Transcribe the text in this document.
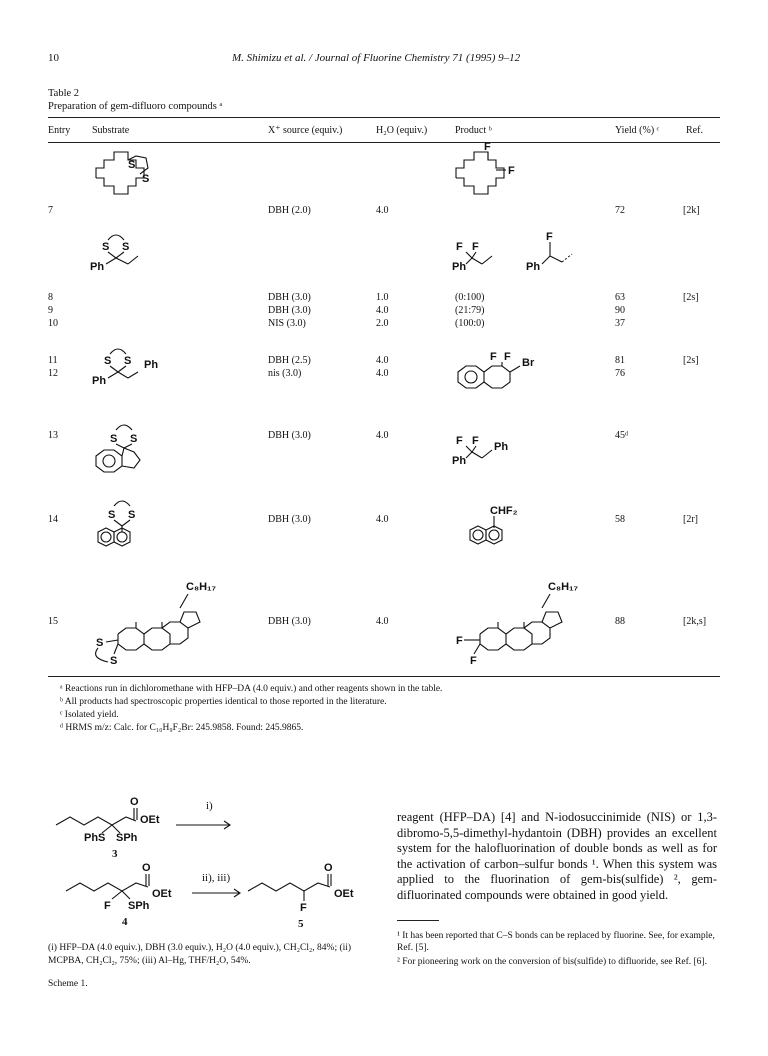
10	M. Shimizu et al. / Journal of Fluorine Chemistry 71 (1995) 9–12
Table 2
Preparation of gem-difluoro compounds ᵃ
Entry Substrate	X⁺ source (equiv.)	H₂O (equiv.)	Product ᵇ	Yield (%) ᶜ	Ref.
7	DBH (2.0)	4.0	72	[2k]
S
S
F
F
S S
Ph
F F
Ph	Ph
F
8	DBH (3.0)	1.0	(0:100)	63	[2s]
9	DBH (3.0)	4.0	(21:79)	90
10	NIS (3.0)	2.0	(100:0)	37
S S Ph
Ph
11	DBH (2.5)	4.0	81	[2s]
12	nis (3.0)	4.0	76
F F Br
S S
13	DBH (3.0)	4.0	45ᵈ
F F Ph
Ph
S S
14	DBH (3.0)	4.0	58	[2r]
CHF₂
C₈H₁₇
S
S
15	DBH (3.0)	4.0	88	[2k,s]
C₈H₁₇
F
F
ᵃ Reactions run in dichloromethane with HFP–DA (4.0 equiv.) and other reagents shown in the table.
ᵇ All products had spectroscopic properties identical to those reported in the literature.
ᶜ Isolated yield.
ᵈ HRMS m/z: Calc. for C₁₀H₉F₂Br: 245.9858. Found: 245.9865.
O
OEt
PhS SPh
3
i)
O
OEt
F SPh
4
ii), iii)
O
OEt
F
5
(i) HFP–DA (4.0 equiv.), DBH (3.0 equiv.), H₂O (4.0 equiv.), CH₂Cl₂, 84%; (ii) MCPBA, CH₂Cl₂, 75%; (iii) Al–Hg, THF/H₂O, 54%.
Scheme 1.
reagent (HFP–DA) [4] and N-iodosuccinimide (NIS) or 1,3-dibromo-5,5-dimethyl-hydantoin (DBH) provides an excellent system for the halofluorination of double bonds as well as for the activation of carbon–sulfur bonds ¹. When this system was applied to the fluorination of gem-bis(sulfide) ², gem-difluorinated compounds were obtained in good yield.
¹ It has been reported that C–S bonds can be replaced by fluorine. See, for example, Ref. [5].
² For pioneering work on the conversion of bis(sulfide) to difluoride, see Ref. [6].
